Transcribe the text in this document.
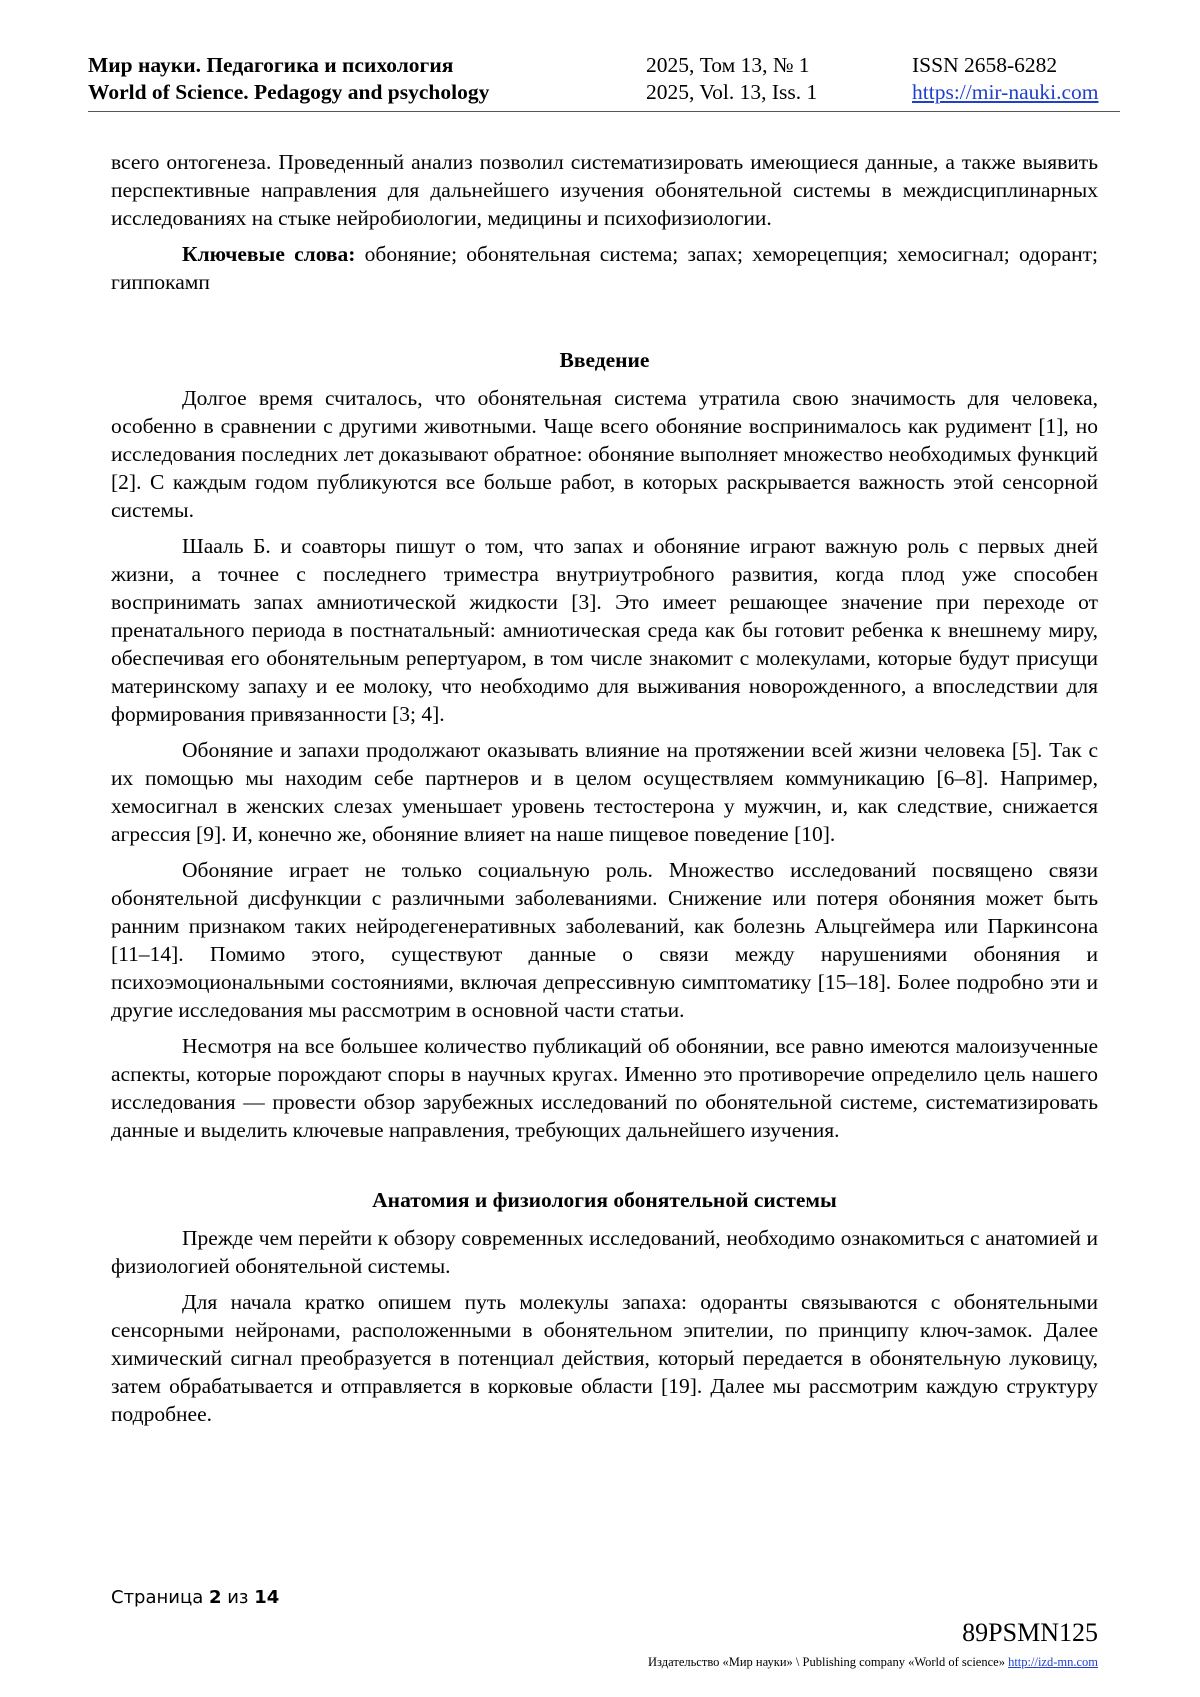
Мир науки. Педагогика и психология	2025, Том 13, № 1	ISSN 2658-6282
World of Science. Pedagogy and psychology	2025, Vol. 13, Iss. 1	https://mir-nauki.com

всего онтогенеза. Проведенный анализ позволил систематизировать имеющиеся данные, а также выявить перспективные направления для дальнейшего изучения обонятельной системы в междисциплинарных исследованиях на стыке нейробиологии, медицины и психофизиологии.

Ключевые слова: обоняние; обонятельная система; запах; хеморецепция; хемосигнал; одорант; гиппокамп

Введение

Долгое время считалось, что обонятельная система утратила свою значимость для человека, особенно в сравнении с другими животными. Чаще всего обоняние воспринималось как рудимент [1], но исследования последних лет доказывают обратное: обоняние выполняет множество необходимых функций [2]. С каждым годом публикуются все больше работ, в которых раскрывается важность этой сенсорной системы.

Шааль Б. и соавторы пишут о том, что запах и обоняние играют важную роль с первых дней жизни, а точнее с последнего триместра внутриутробного развития, когда плод уже способен воспринимать запах амниотической жидкости [3]. Это имеет решающее значение при переходе от пренатального периода в постнатальный: амниотическая среда как бы готовит ребенка к внешнему миру, обеспечивая его обонятельным репертуаром, в том числе знакомит с молекулами, которые будут присущи материнскому запаху и ее молоку, что необходимо для выживания новорожденного, а впоследствии для формирования привязанности [3; 4].

Обоняние и запахи продолжают оказывать влияние на протяжении всей жизни человека [5]. Так с их помощью мы находим себе партнеров и в целом осуществляем коммуникацию [6–8]. Например, хемосигнал в женских слезах уменьшает уровень тестостерона у мужчин, и, как следствие, снижается агрессия [9]. И, конечно же, обоняние влияет на наше пищевое поведение [10].

Обоняние играет не только социальную роль. Множество исследований посвящено связи обонятельной дисфункции с различными заболеваниями. Снижение или потеря обоняния может быть ранним признаком таких нейродегенеративных заболеваний, как болезнь Альцгеймера или Паркинсона [11–14]. Помимо этого, существуют данные о связи между нарушениями обоняния и психоэмоциональными состояниями, включая депрессивную симптоматику [15–18]. Более подробно эти и другие исследования мы рассмотрим в основной части статьи.

Несмотря на все большее количество публикаций об обонянии, все равно имеются малоизученные аспекты, которые порождают споры в научных кругах. Именно это противоречие определило цель нашего исследования — провести обзор зарубежных исследований по обонятельной системе, систематизировать данные и выделить ключевые направления, требующих дальнейшего изучения.

Анатомия и физиология обонятельной системы

Прежде чем перейти к обзору современных исследований, необходимо ознакомиться с анатомией и физиологией обонятельной системы.

Для начала кратко опишем путь молекулы запаха: одоранты связываются с обонятельными сенсорными нейронами, расположенными в обонятельном эпителии, по принципу ключ-замок. Далее химический сигнал преобразуется в потенциал действия, который передается в обонятельную луковицу, затем обрабатывается и отправляется в корковые области [19]. Далее мы рассмотрим каждую структуру подробнее.

Страница 2 из 14
89PSMN125
Издательство «Мир науки» \ Publishing company «World of science» http://izd-mn.com
